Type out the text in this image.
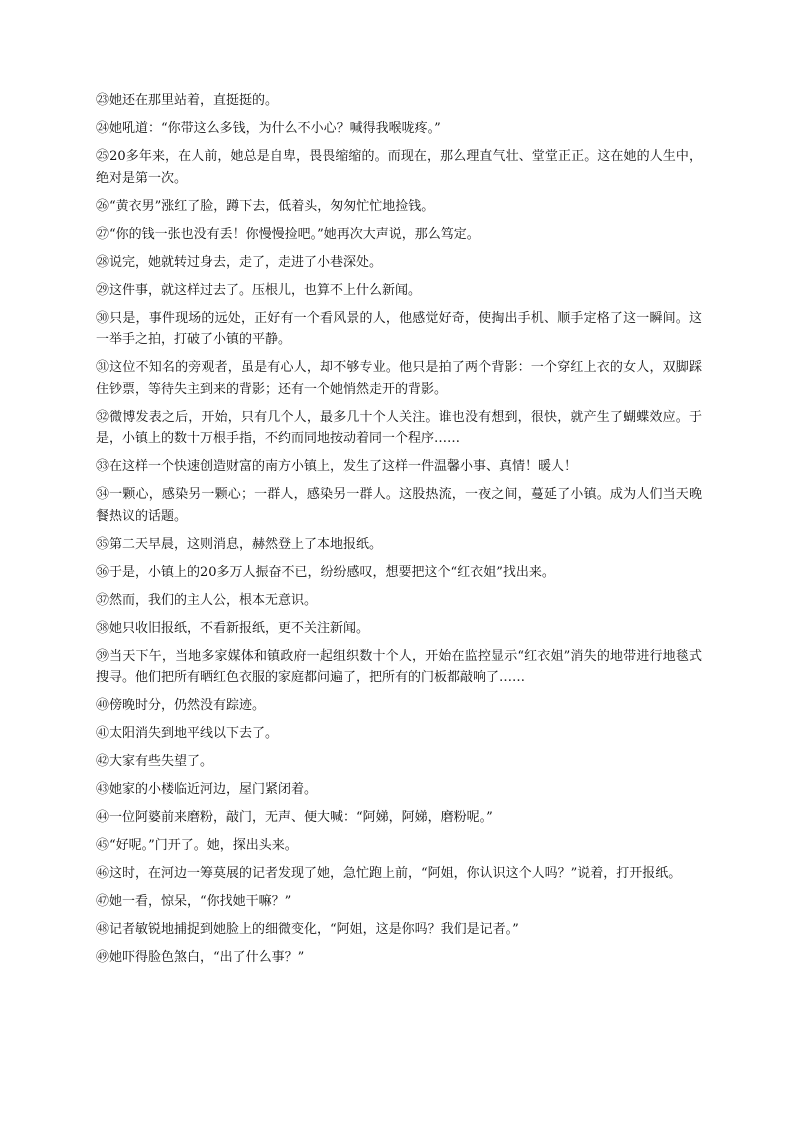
㉓她还在那里站着，直挺挺的。

㉔她吼道：“你带这么多钱，为什么不小心？喊得我喉咙疼。”

㉕20多年来，在人前，她总是自卑，畏畏缩缩的。而现在，那么理直气壮、堂堂正正。这在她的人生中，绝对是第一次。

㉖“黄衣男”涨红了脸，蹲下去，低着头，匆匆忙忙地捡钱。

㉗“你的钱一张也没有丢！你慢慢捡吧。”她再次大声说，那么笃定。

㉘说完，她就转过身去，走了，走进了小巷深处。

㉙这件事，就这样过去了。压根儿，也算不上什么新闻。

㉚只是，事件现场的远处，正好有一个看风景的人，他感觉好奇，使掏出手机、顺手定格了这一瞬间。这一举手之拍，打破了小镇的平静。

㉛这位不知名的旁观者，虽是有心人，却不够专业。他只是拍了两个背影：一个穿红上衣的女人，双脚踩住钞票，等待失主到来的背影；还有一个她悄然走开的背影。

㉜微博发表之后，开始，只有几个人，最多几十个人关注。谁也没有想到，很快，就产生了蝴蝶效应。于是，小镇上的数十万根手指，不约而同地按动着同一个程序……

㉝在这样一个快速创造财富的南方小镇上，发生了这样一件温馨小事、真情！暖人！

㉞一颗心，感染另一颗心；一群人，感染另一群人。这股热流，一夜之间，蔓延了小镇。成为人们当天晚餐热议的话题。

㉟第二天早晨，这则消息，赫然登上了本地报纸。

㊱于是，小镇上的20多万人振奋不已，纷纷感叹，想要把这个“红衣姐”找出来。

㊲然而，我们的主人公，根本无意识。

㊳她只收旧报纸，不看新报纸，更不关注新闻。

㊴当天下午，当地多家媒体和镇政府一起组织数十个人，开始在监控显示“红衣姐”消失的地带进行地毯式搜寻。他们把所有晒红色衣服的家庭都问遍了，把所有的门板都敲响了……

㊵傍晚时分，仍然没有踪迹。

㊶太阳消失到地平线以下去了。

㊷大家有些失望了。

㊸她家的小楼临近河边，屋门紧闭着。

㊹一位阿婆前来磨粉，敲门，无声、便大喊：“阿娣，阿娣，磨粉呢。”

㊺“好呢。”门开了。她，探出头来。

㊻这时，在河边一筹莫展的记者发现了她，急忙跑上前，“阿姐，你认识这个人吗？”说着，打开报纸。

㊼她一看，惊呆，“你找她干嘛？”

㊽记者敏锐地捕捉到她脸上的细微变化，“阿姐，这是你吗？我们是记者。”

㊾她吓得脸色煞白，“出了什么事？”
